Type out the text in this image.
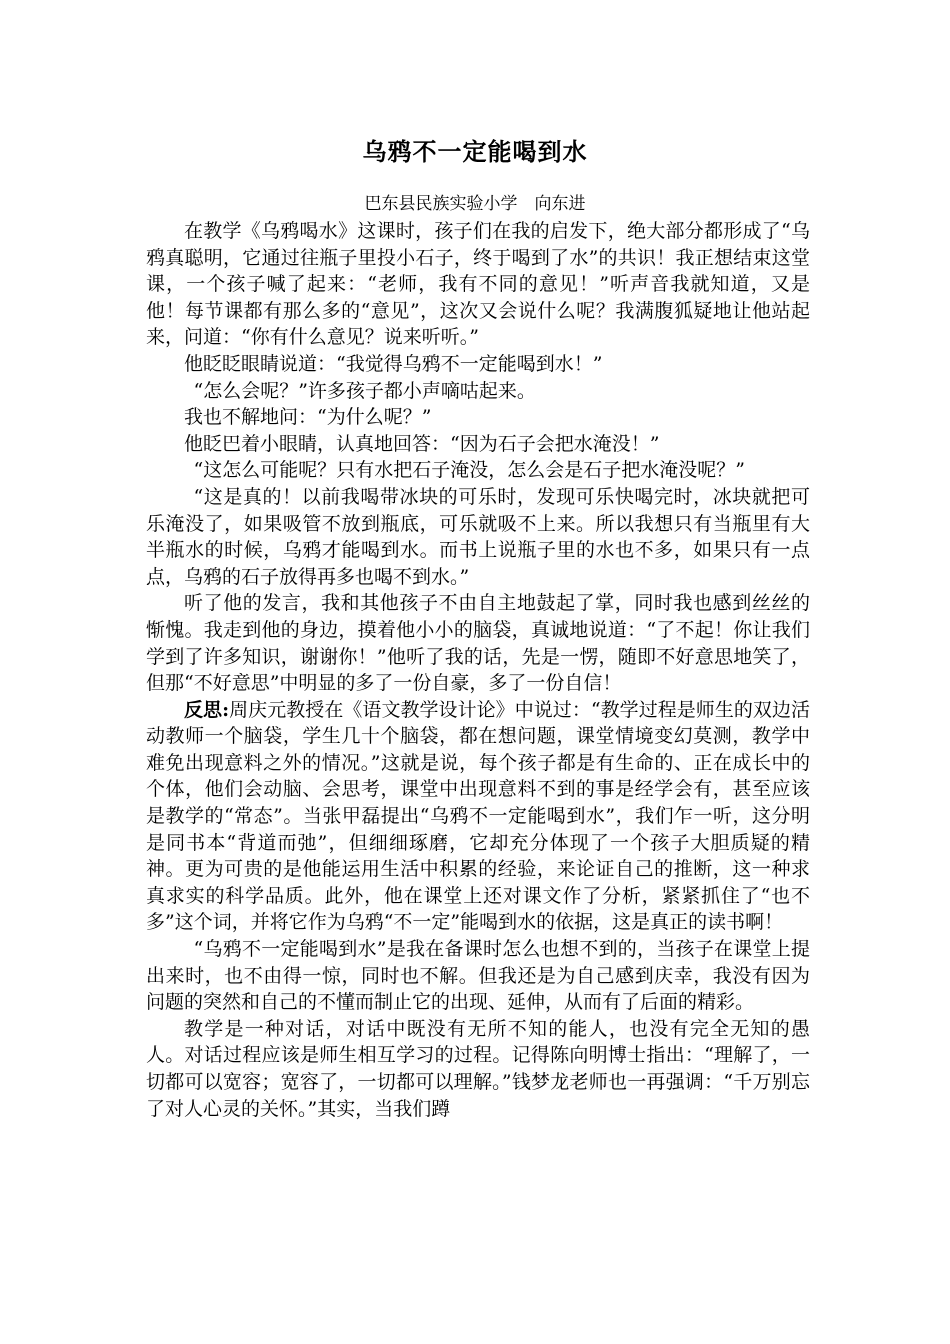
乌鸦不一定能喝到水
巴东县民族实验小学　向东进

在教学《乌鸦喝水》这课时，孩子们在我的启发下，绝大部分都形成了“乌鸦真聪明，它通过往瓶子里投小石子，终于喝到了水”的共识！我正想结束这堂课，一个孩子喊了起来：“老师，我有不同的意见！”听声音我就知道，又是他！每节课都有那么多的“意见”，这次又会说什么呢？我满腹狐疑地让他站起来，问道：“你有什么意见？说来听听。”

他眨眨眼睛说道：“我觉得乌鸦不一定能喝到水！”

“怎么会呢？”许多孩子都小声嘀咕起来。

我也不解地问：“为什么呢？”

他眨巴着小眼睛，认真地回答：“因为石子会把水淹没！”

“这怎么可能呢？只有水把石子淹没，怎么会是石子把水淹没呢？”

“这是真的！以前我喝带冰块的可乐时，发现可乐快喝完时，冰块就把可乐淹没了，如果吸管不放到瓶底，可乐就吸不上来。所以我想只有当瓶里有大半瓶水的时候，乌鸦才能喝到水。而书上说瓶子里的水也不多，如果只有一点点，乌鸦的石子放得再多也喝不到水。”

听了他的发言，我和其他孩子不由自主地鼓起了掌，同时我也感到丝丝的惭愧。我走到他的身边，摸着他小小的脑袋，真诚地说道：“了不起！你让我们学到了许多知识，谢谢你！”他听了我的话，先是一愣，随即不好意思地笑了，但那“不好意思”中明显的多了一份自豪，多了一份自信！

反思:周庆元教授在《语文教学设计论》中说过：“教学过程是师生的双边活动教师一个脑袋，学生几十个脑袋，都在想问题，课堂情境变幻莫测，教学中难免出现意料之外的情况。”这就是说，每个孩子都是有生命的、正在成长中的个体，他们会动脑、会思考，课堂中出现意料不到的事是经学会有，甚至应该是教学的“常态”。当张甲磊提出“乌鸦不一定能喝到水”，我们乍一听，这分明是同书本“背道而弛”，但细细琢磨，它却充分体现了一个孩子大胆质疑的精神。更为可贵的是他能运用生活中积累的经验，来论证自己的推断，这一种求真求实的科学品质。此外，他在课堂上还对课文作了分析，紧紧抓住了“也不多”这个词，并将它作为乌鸦“不一定”能喝到水的依据，这是真正的读书啊！

“乌鸦不一定能喝到水”是我在备课时怎么也想不到的，当孩子在课堂上提出来时，也不由得一惊，同时也不解。但我还是为自己感到庆幸，我没有因为问题的突然和自己的不懂而制止它的出现、延伸，从而有了后面的精彩。

教学是一种对话，对话中既没有无所不知的能人，也没有完全无知的愚人。对话过程应该是师生相互学习的过程。记得陈向明博士指出：“理解了，一切都可以宽容；宽容了，一切都可以理解。”钱梦龙老师也一再强调：“千万别忘了对人心灵的关怀。”其实，当我们蹲
